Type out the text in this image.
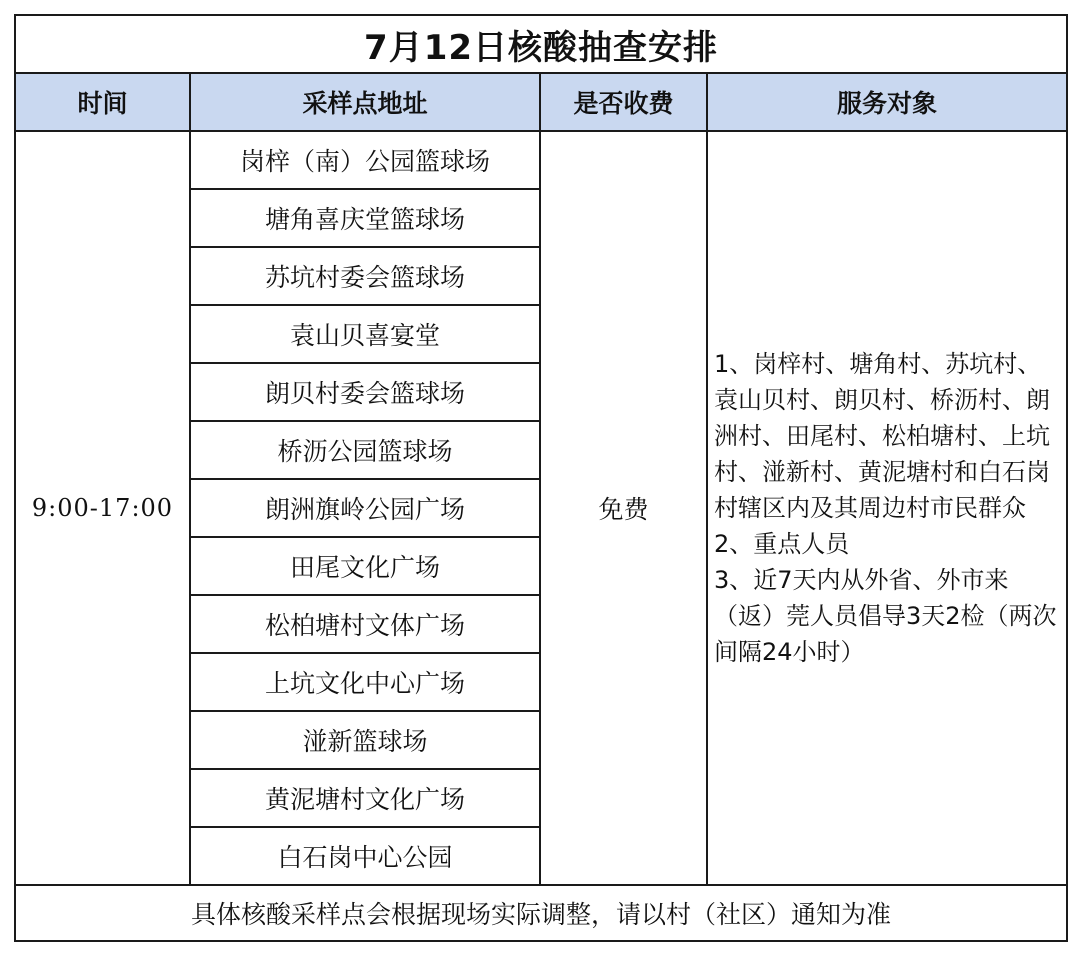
7月12日核酸抽查安排			
时间	采样点地址	是否收费	服务对象
9:00-17:00	岗梓（南）公园篮球场	免费	1、岗梓村、塘角村、苏坑村、袁山贝村、朗贝村、桥沥村、朗洲村、田尾村、松柏塘村、上坑村、湴新村、黄泥塘村和白石岗村辖区内及其周边村市民群众
2、重点人员
3、近7天内从外省、外市来（返）莞人员倡导3天2检（两次间隔24小时）

	塘角喜庆堂篮球场		
	苏坑村委会篮球场		
	袁山贝喜宴堂		
	朗贝村委会篮球场		
	桥沥公园篮球场		
	朗洲旗岭公园广场		
	田尾文化广场		
	松柏塘村文体广场		
	上坑文化中心广场		
	湴新篮球场		
	黄泥塘村文化广场		
	白石岗中心公园		
具体核酸采样点会根据现场实际调整，请以村（社区）通知为准			
